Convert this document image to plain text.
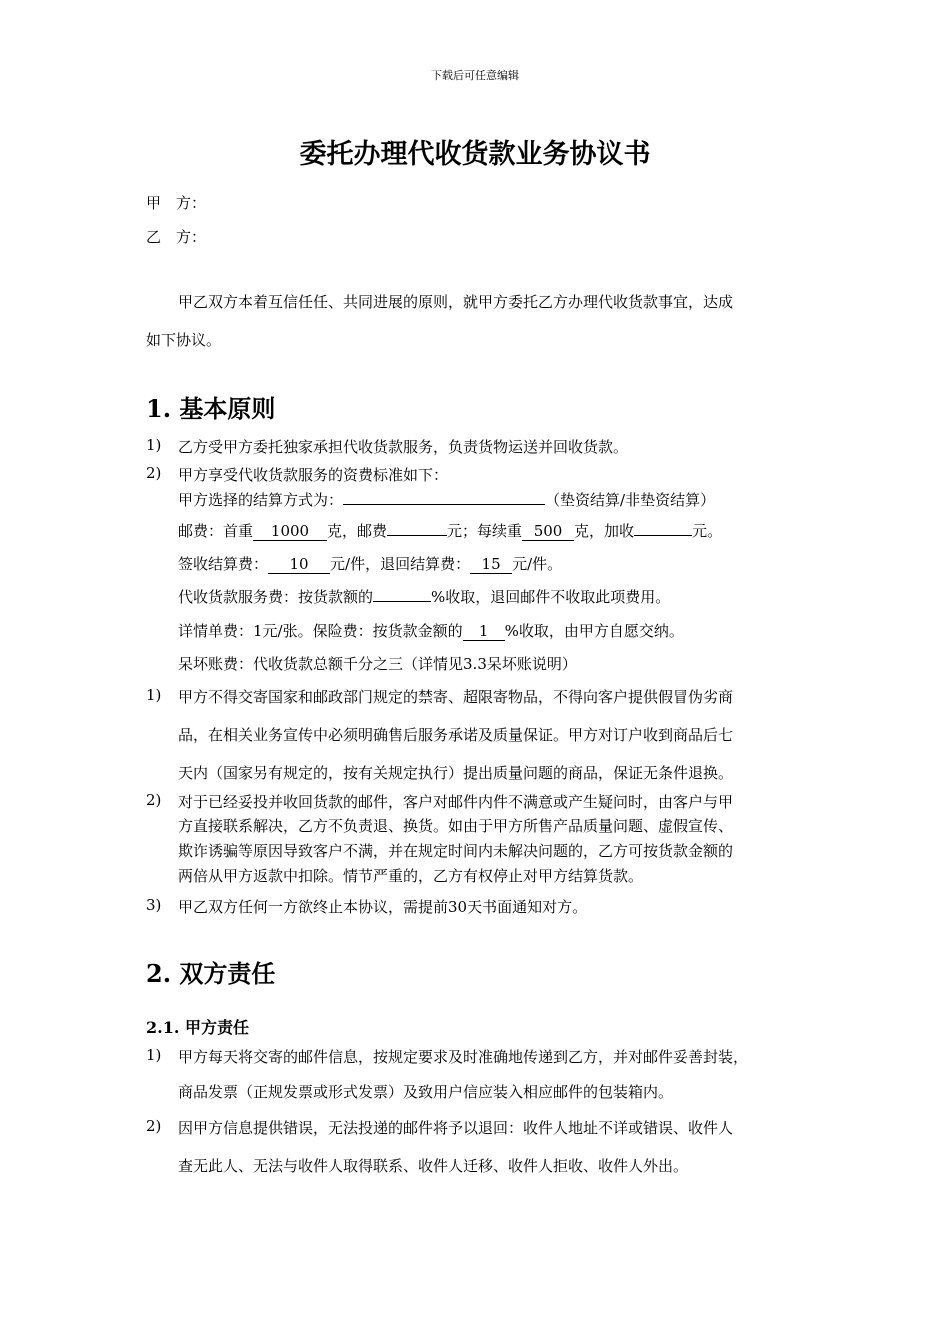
下载后可任意编辑
委托办理代收货款业务协议书
甲　方：
乙　方：
甲乙双方本着互信任任、共同进展的原则，就甲方委托乙方办理代收货款事宜，达成
如下协议。
1. 基本原则
1) 乙方受甲方委托独家承担代收货款服务，负责货物运送并回收货款。
2) 甲方享受代收货款服务的资费标准如下：
甲方选择的结算方式为：	（垫资结算/非垫资结算）
邮费：首重 1000 克，邮费	元；每续重 500 克，加收	元。
签收结算费： 10 元/件，退回结算费： 15 元/件。
代收货款服务费：按货款额的	%收取，退回邮件不收取此项费用。
详情单费：1元/张。保险费：按货款金额的 1 %收取，由甲方自愿交纳。
呆坏账费：代收货款总额千分之三（详情见3.3呆坏账说明）
1) 甲方不得交寄国家和邮政部门规定的禁寄、超限寄物品，不得向客户提供假冒伪劣商
品，在相关业务宣传中必须明确售后服务承诺及质量保证。甲方对订户收到商品后七
天内（国家另有规定的，按有关规定执行）提出质量问题的商品，保证无条件退换。
2) 对于已经妥投并收回货款的邮件，客户对邮件内件不满意或产生疑问时，由客户与甲
方直接联系解决，乙方不负责退、换货。如由于甲方所售产品质量问题、虚假宣传、
欺诈诱骗等原因导致客户不满，并在规定时间内未解决问题的，乙方可按货款金额的
两倍从甲方返款中扣除。情节严重的，乙方有权停止对甲方结算货款。
3) 甲乙双方任何一方欲终止本协议，需提前30天书面通知对方。
2. 双方责任
2.1. 甲方责任
1) 甲方每天将交寄的邮件信息，按规定要求及时准确地传递到乙方，并对邮件妥善封装，
商品发票（正规发票或形式发票）及致用户信应装入相应邮件的包装箱内。
2) 因甲方信息提供错误，无法投递的邮件将予以退回：收件人地址不详或错误、收件人
查无此人、无法与收件人取得联系、收件人迁移、收件人拒收、收件人外出。
